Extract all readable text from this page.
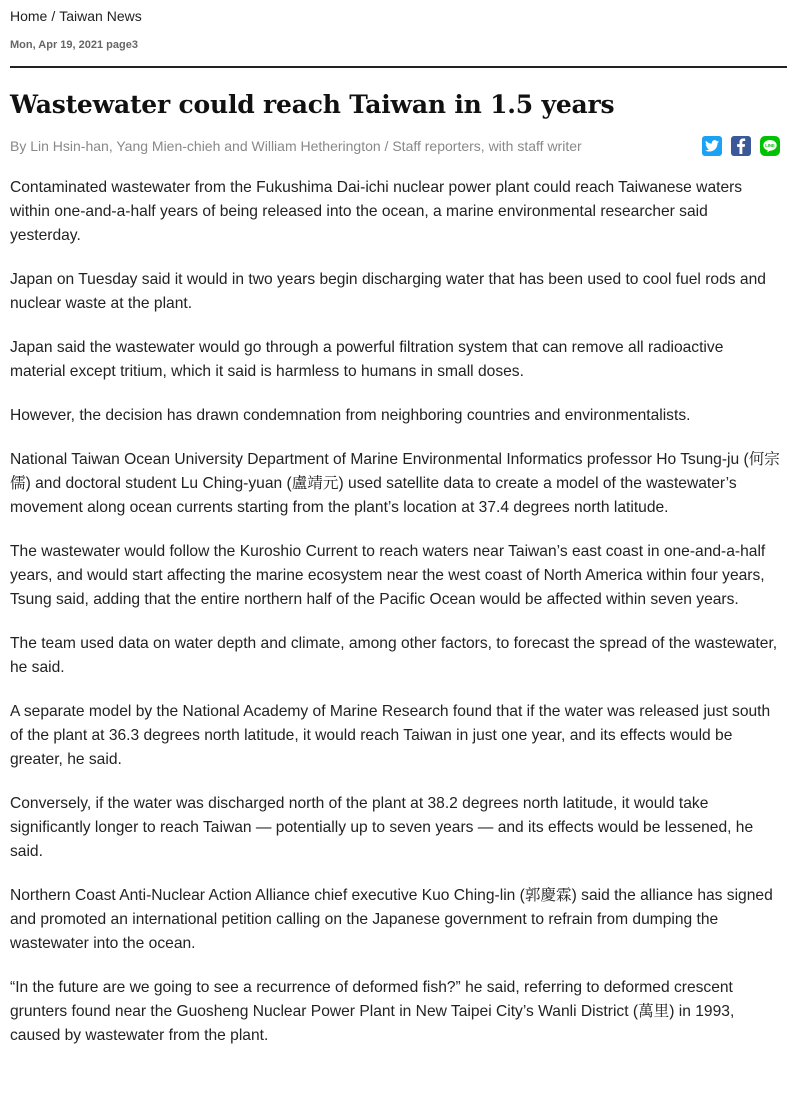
Home / Taiwan News
Mon, Apr 19, 2021 page3
Wastewater could reach Taiwan in 1.5 years
By Lin Hsin-han, Yang Mien-chieh and William Hetherington / Staff reporters, with staff writer	LINE

Contaminated wastewater from the Fukushima Dai-ichi nuclear power plant could reach Taiwanese waters within one-and-a-half years of being released into the ocean, a marine environmental researcher said yesterday.

Japan on Tuesday said it would in two years begin discharging water that has been used to cool fuel rods and nuclear waste at the plant.

Japan said the wastewater would go through a powerful filtration system that can remove all radioactive material except tritium, which it said is harmless to humans in small doses.

However, the decision has drawn condemnation from neighboring countries and environmentalists.

National Taiwan Ocean University Department of Marine Environmental Informatics professor Ho Tsung-ju (何宗儒) and doctoral student Lu Ching-yuan (盧靖元) used satellite data to create a model of the wastewater’s movement along ocean currents starting from the plant’s location at 37.4 degrees north latitude.

The wastewater would follow the Kuroshio Current to reach waters near Taiwan’s east coast in one-and-a-half years, and would start affecting the marine ecosystem near the west coast of North America within four years, Tsung said, adding that the entire northern half of the Pacific Ocean would be affected within seven years.

The team used data on water depth and climate, among other factors, to forecast the spread of the wastewater, he said.

A separate model by the National Academy of Marine Research found that if the water was released just south of the plant at 36.3 degrees north latitude, it would reach Taiwan in just one year, and its effects would be greater, he said.

Conversely, if the water was discharged north of the plant at 38.2 degrees north latitude, it would take significantly longer to reach Taiwan — potentially up to seven years — and its effects would be lessened, he said.

Northern Coast Anti-Nuclear Action Alliance chief executive Kuo Ching-lin (郭慶霖) said the alliance has signed and promoted an international petition calling on the Japanese government to refrain from dumping the wastewater into the ocean.

“In the future are we going to see a recurrence of deformed fish?” he said, referring to deformed crescent grunters found near the Guosheng Nuclear Power Plant in New Taipei City’s Wanli District (萬里) in 1993, caused by wastewater from the plant.
